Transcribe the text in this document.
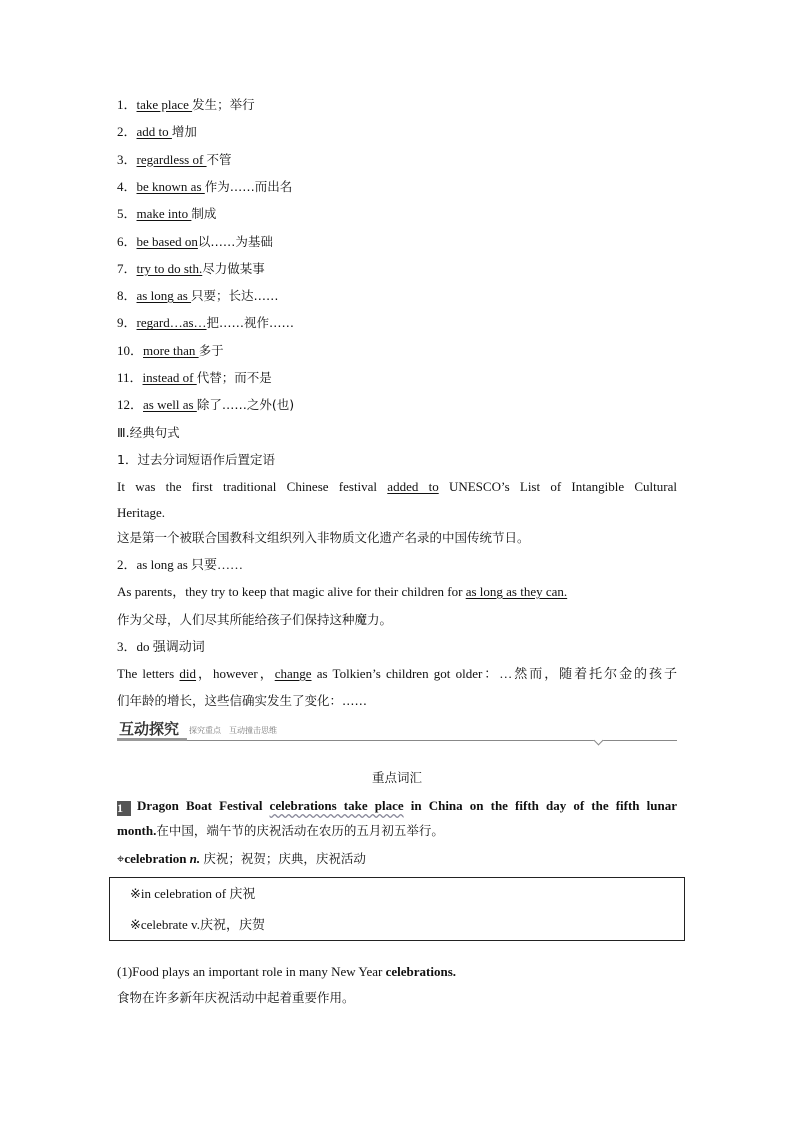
1．take place 发生；举行
2．add to 增加
3．regardless of 不管
4．be known as 作为……而出名
5．make into 制成
6．be based on以……为基础
7．try to do sth.尽力做某事
8．as long as 只要；长达……
9．regard…as…把……视作……
10．more than 多于
11．instead of 代替；而不是
12．as well as 除了……之外(也)
Ⅲ.经典句式
1．过去分词短语作后置定语
It was the first traditional Chinese festival added to UNESCO’s List of Intangible Cultural
Heritage.
这是第一个被联合国教科文组织列入非物质文化遗产名录的中国传统节日。
2．as long as 只要……
As parents，they try to keep that magic alive for their children for as long as they can.
作为父母，人们尽其所能给孩子们保持这种魔力。
3．do 强调动词
The letters did，however，change as Tolkien’s children got older：…然而，随着托尔金的孩子
们年龄的增长，这些信确实发生了变化：……
互动探究 探究重点　互动撞击思维
重点词汇
1 Dragon Boat Festival celebrations take place in China on the fifth day of the fifth lunar
month.在中国，端午节的庆祝活动在农历的五月初五举行。
⌖celebration n. 庆祝；祝贺；庆典，庆祝活动
※in celebration of 庆祝
※celebrate v.庆祝，庆贺
(1)Food plays an important role in many New Year celebrations.
食物在许多新年庆祝活动中起着重要作用。
